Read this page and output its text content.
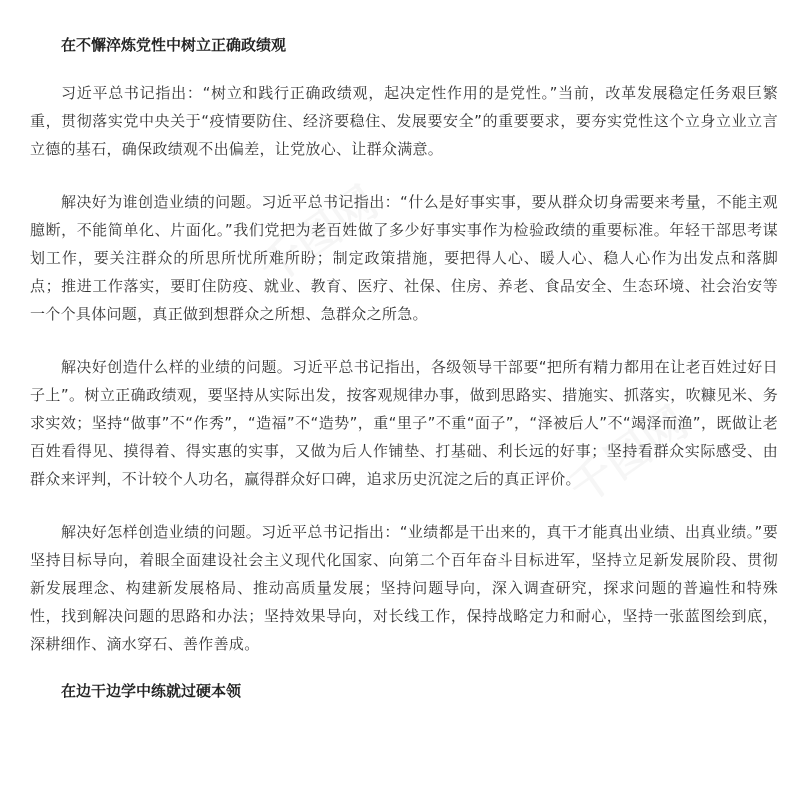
在不懈淬炼党性中树立正确政绩观

习近平总书记指出：“树立和践行正确政绩观，起决定性作用的是党性。”当前，改革发展稳定任务艰巨繁重，贯彻落实党中央关于“疫情要防住、经济要稳住、发展要安全”的重要要求，要夯实党性这个立身立业立言立德的基石，确保政绩观不出偏差，让党放心、让群众满意。

解决好为谁创造业绩的问题。习近平总书记指出：“什么是好事实事，要从群众切身需要来考量，不能主观臆断，不能简单化、片面化。”我们党把为老百姓做了多少好事实事作为检验政绩的重要标准。年轻干部思考谋划工作，要关注群众的所思所忧所难所盼；制定政策措施，要把得人心、暖人心、稳人心作为出发点和落脚点；推进工作落实，要盯住防疫、就业、教育、医疗、社保、住房、养老、食品安全、生态环境、社会治安等一个个具体问题，真正做到想群众之所想、急群众之所急。

解决好创造什么样的业绩的问题。习近平总书记指出，各级领导干部要“把所有精力都用在让老百姓过好日子上”。树立正确政绩观，要坚持从实际出发，按客观规律办事，做到思路实、措施实、抓落实，吹糠见米、务求实效；坚持“做事”不“作秀”，“造福”不“造势”，重“里子”不重“面子”，“泽被后人”不“竭泽而渔”，既做让老百姓看得见、摸得着、得实惠的实事，又做为后人作铺垫、打基础、利长远的好事；坚持看群众实际感受、由群众来评判，不计较个人功名，赢得群众好口碑，追求历史沉淀之后的真正评价。

解决好怎样创造业绩的问题。习近平总书记指出：“业绩都是干出来的，真干才能真出业绩、出真业绩。”要坚持目标导向，着眼全面建设社会主义现代化国家、向第二个百年奋斗目标进军，坚持立足新发展阶段、贯彻新发展理念、构建新发展格局、推动高质量发展；坚持问题导向，深入调查研究，探求问题的普遍性和特殊性，找到解决问题的思路和办法；坚持效果导向，对长线工作，保持战略定力和耐心，坚持一张蓝图绘到底，深耕细作、滴水穿石、善作善成。

在边干边学中练就过硬本领
